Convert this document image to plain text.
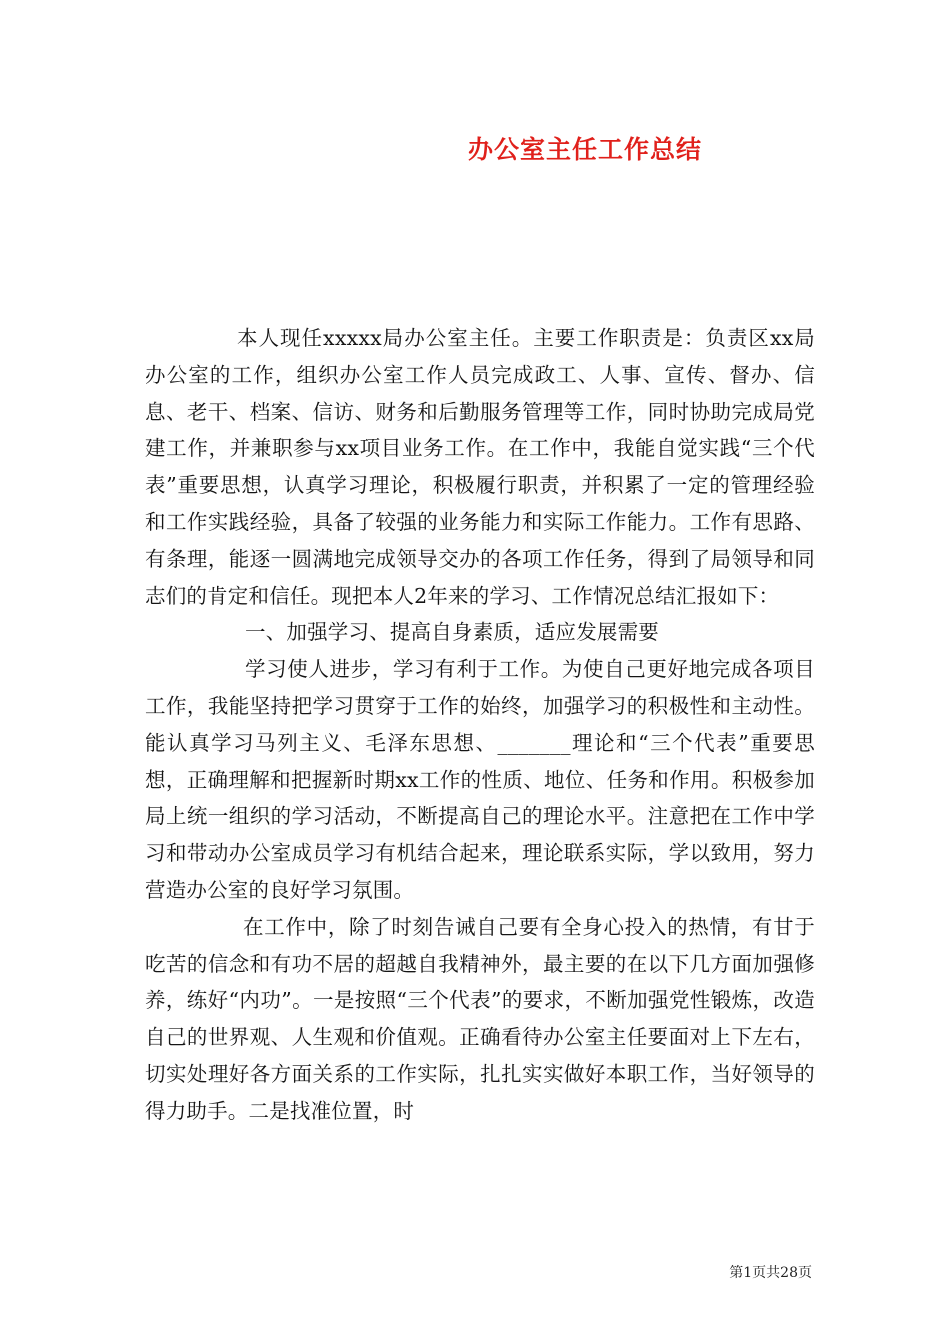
办公室主任工作总结

本人现任xxxxx局办公室主任。主要工作职责是：负责区xx局办公室的工作，组织办公室工作人员完成政工、人事、宣传、督办、信息、老干、档案、信访、财务和后勤服务管理等工作，同时协助完成局党建工作，并兼职参与xx项目业务工作。在工作中，我能自觉实践“三个代表”重要思想，认真学习理论，积极履行职责，并积累了一定的管理经验和工作实践经验，具备了较强的业务能力和实际工作能力。工作有思路、有条理，能逐一圆满地完成领导交办的各项工作任务，得到了局领导和同志们的肯定和信任。现把本人2年来的学习、工作情况总结汇报如下：

一、加强学习、提高自身素质，适应发展需要

学习使人进步，学习有利于工作。为使自己更好地完成各项目工作，我能坚持把学习贯穿于工作的始终，加强学习的积极性和主动性。能认真学习马列主义、毛泽东思想、_______理论和“三个代表”重要思想，正确理解和把握新时期xx工作的性质、地位、任务和作用。积极参加局上统一组织的学习活动，不断提高自己的理论水平。注意把在工作中学习和带动办公室成员学习有机结合起来，理论联系实际，学以致用，努力营造办公室的良好学习氛围。

在工作中，除了时刻告诫自己要有全身心投入的热情，有甘于吃苦的信念和有功不居的超越自我精神外，最主要的在以下几方面加强修养，练好“内功”。一是按照“三个代表”的要求，不断加强党性锻炼，改造自己的世界观、人生观和价值观。正确看待办公室主任要面对上下左右，切实处理好各方面关系的工作实际，扎扎实实做好本职工作，当好领导的得力助手。二是找准位置，时

第1页共28页
